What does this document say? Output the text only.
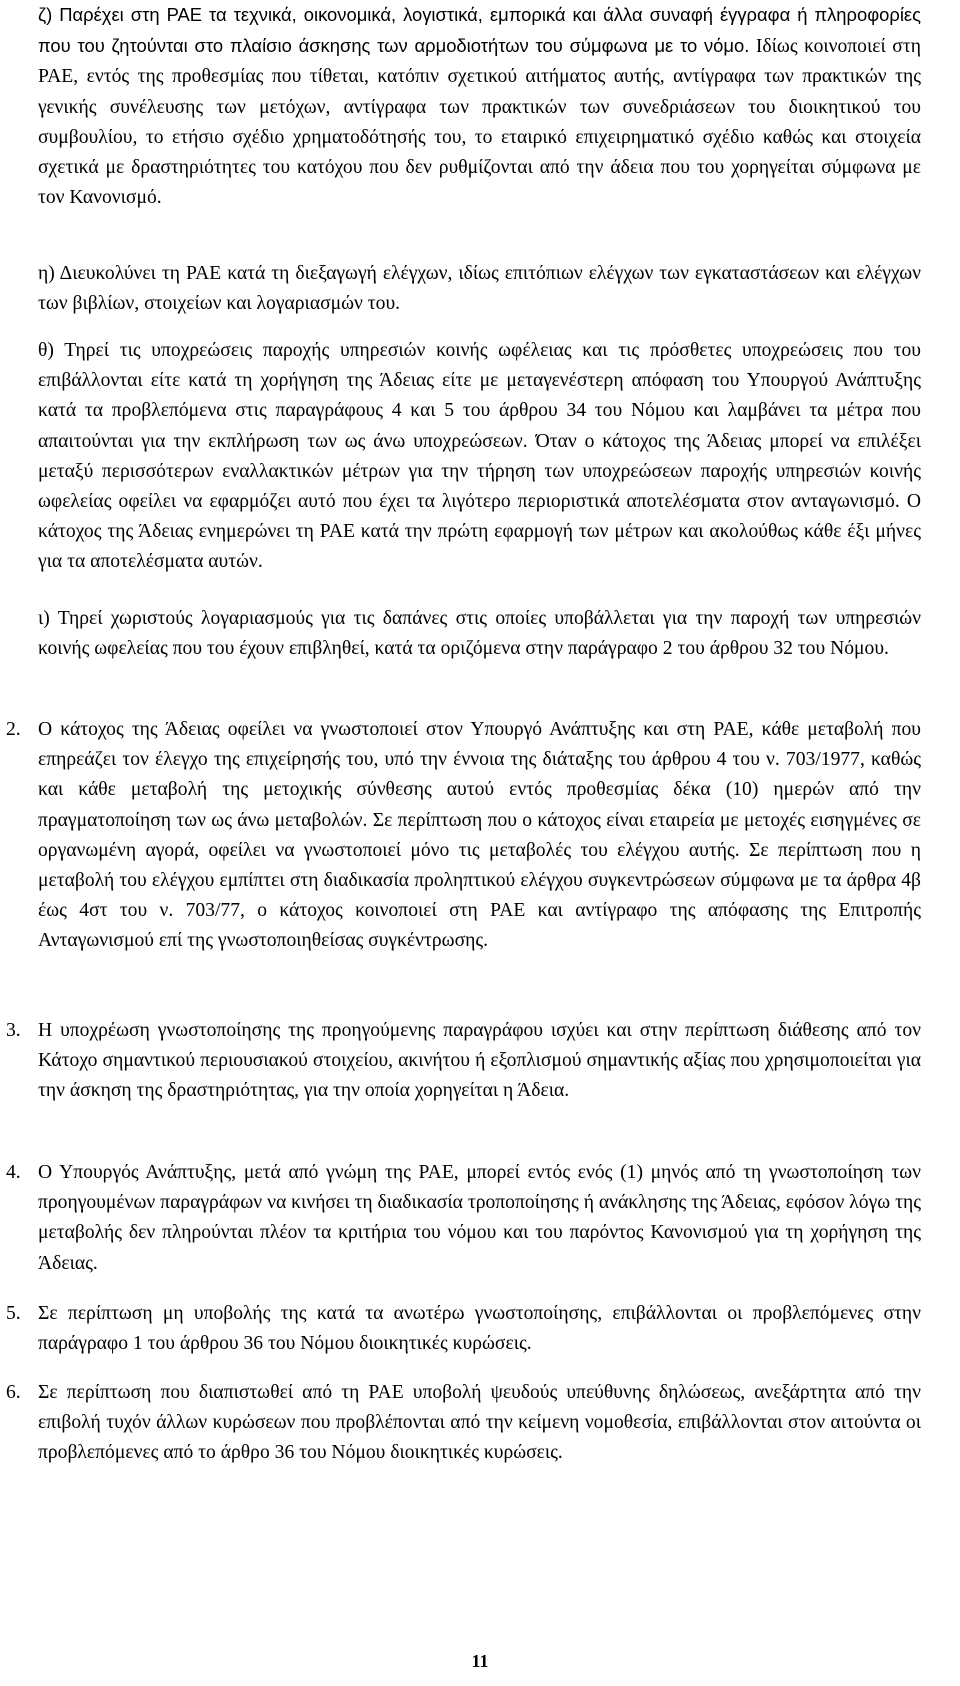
ζ) Παρέχει στη ΡΑΕ τα τεχνικά, οικονομικά, λογιστικά, εμπορικά και άλλα συναφή έγγραφα ή πληροφορίες που του ζητούνται στο πλαίσιο άσκησης των αρμοδιοτήτων του σύμφωνα με το νόμο. Ιδίως κοινοποιεί στη ΡΑΕ, εντός της προθεσμίας που τίθεται, κατόπιν σχετικού αιτήματος αυτής, αντίγραφα των πρακτικών της γενικής συνέλευσης των μετόχων, αντίγραφα των πρακτικών των συνεδριάσεων του διοικητικού του συμβουλίου, το ετήσιο σχέδιο χρηματοδότησής του, το εταιρικό επιχειρηματικό σχέδιο καθώς και στοιχεία σχετικά με δραστηριότητες του κατόχου που δεν ρυθμίζονται από την άδεια που του χορηγείται σύμφωνα με τον Κανονισμό.

η) Διευκολύνει τη ΡΑΕ κατά τη διεξαγωγή ελέγχων, ιδίως επιτόπιων ελέγχων των εγκαταστάσεων και ελέγχων των βιβλίων, στοιχείων και λογαριασμών του.

θ) Τηρεί τις υποχρεώσεις παροχής υπηρεσιών κοινής ωφέλειας και τις πρόσθετες υποχρεώσεις που του επιβάλλονται είτε κατά τη χορήγηση της Άδειας είτε με μεταγενέστερη απόφαση του Υπουργού Ανάπτυξης κατά τα προβλεπόμενα στις παραγράφους 4 και 5 του άρθρου 34 του Νόμου και λαμβάνει τα μέτρα που απαιτούνται για την εκπλήρωση των ως άνω υποχρεώσεων. Όταν ο κάτοχος της Άδειας μπορεί να επιλέξει μεταξύ περισσότερων εναλλακτικών μέτρων για την τήρηση των υποχρεώσεων παροχής υπηρεσιών κοινής ωφελείας οφείλει να εφαρμόζει αυτό που έχει τα λιγότερο περιοριστικά αποτελέσματα στον ανταγωνισμό. Ο κάτοχος της Άδειας ενημερώνει τη ΡΑΕ κατά την πρώτη εφαρμογή των μέτρων και ακολούθως κάθε έξι μήνες για τα αποτελέσματα αυτών.

ι) Τηρεί χωριστούς λογαριασμούς για τις δαπάνες στις οποίες υποβάλλεται για την παροχή των υπηρεσιών κοινής ωφελείας που του έχουν επιβληθεί, κατά τα οριζόμενα στην παράγραφο 2 του άρθρου 32 του Νόμου.

2. Ο κάτοχος της Άδειας οφείλει να γνωστοποιεί στον Υπουργό Ανάπτυξης και στη ΡΑΕ, κάθε μεταβολή που επηρεάζει τον έλεγχο της επιχείρησής του, υπό την έννοια της διάταξης του άρθρου 4 του ν. 703/1977, καθώς και κάθε μεταβολή της μετοχικής σύνθεσης αυτού εντός προθεσμίας δέκα (10) ημερών από την πραγματοποίηση των ως άνω μεταβολών. Σε περίπτωση που ο κάτοχος είναι εταιρεία με μετοχές εισηγμένες σε οργανωμένη αγορά, οφείλει να γνωστοποιεί μόνο τις μεταβολές του ελέγχου αυτής. Σε περίπτωση που η μεταβολή του ελέγχου εμπίπτει στη διαδικασία προληπτικού ελέγχου συγκεντρώσεων σύμφωνα με τα άρθρα 4β έως 4στ του ν. 703/77, ο κάτοχος κοινοποιεί στη ΡΑΕ και αντίγραφο της απόφασης της Επιτροπής Ανταγωνισμού επί της γνωστοποιηθείσας συγκέντρωσης.

3. Η υποχρέωση γνωστοποίησης της προηγούμενης παραγράφου ισχύει και στην περίπτωση διάθεσης από τον Κάτοχο σημαντικού περιουσιακού στοιχείου, ακινήτου ή εξοπλισμού σημαντικής αξίας που χρησιμοποιείται για την άσκηση της δραστηριότητας, για την οποία χορηγείται η Άδεια.

4. Ο Υπουργός Ανάπτυξης, μετά από γνώμη της ΡΑΕ, μπορεί εντός ενός (1) μηνός από τη γνωστοποίηση των προηγουμένων παραγράφων να κινήσει τη διαδικασία τροποποίησης ή ανάκλησης της Άδειας, εφόσον λόγω της μεταβολής δεν πληρούνται πλέον τα κριτήρια του νόμου και του παρόντος Κανονισμού για τη χορήγηση της Άδειας.

5. Σε περίπτωση μη υποβολής της κατά τα ανωτέρω γνωστοποίησης, επιβάλλονται οι προβλεπόμενες στην παράγραφο 1 του άρθρου 36 του Νόμου διοικητικές κυρώσεις.

6. Σε περίπτωση που διαπιστωθεί από τη ΡΑΕ υποβολή ψευδούς υπεύθυνης δηλώσεως, ανεξάρτητα από την επιβολή τυχόν άλλων κυρώσεων που προβλέπονται από την κείμενη νομοθεσία, επιβάλλονται στον αιτούντα οι προβλεπόμενες από το άρθρο 36 του Νόμου διοικητικές κυρώσεις.

11
